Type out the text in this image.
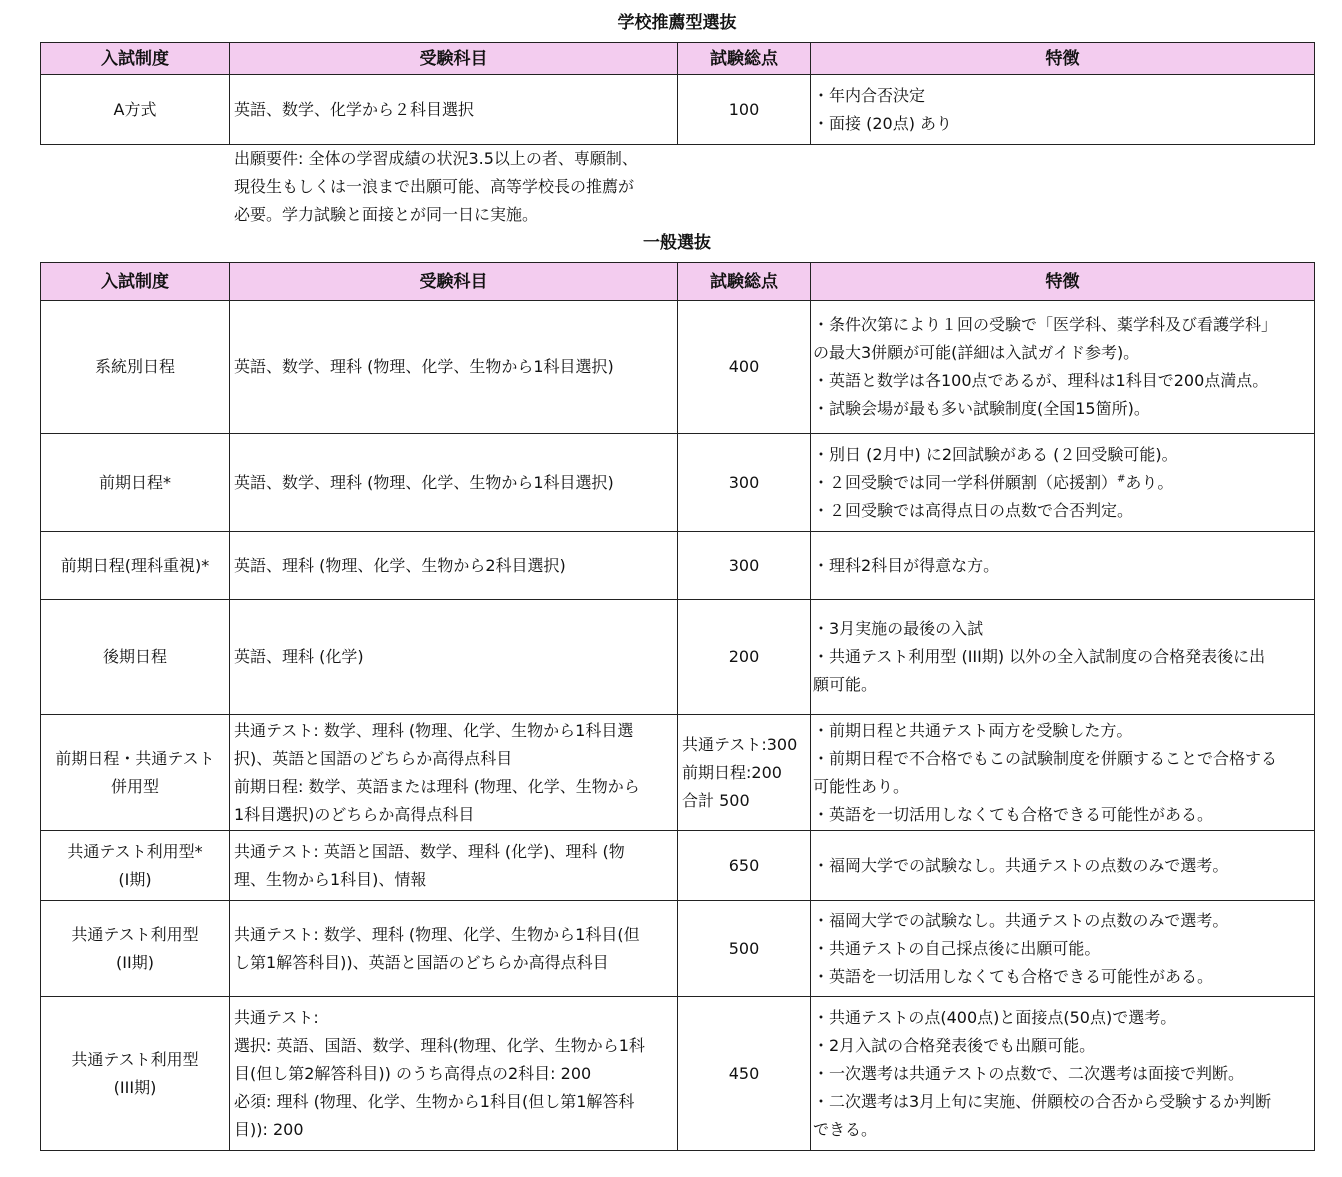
学校推薦型選抜
入試制度	受験科目	試験総点	特徴

A方式	英語、数学、化学から２科目選択	100	・年内合否決定
・面接 (20点) あり
出願要件: 全体の学習成績の状況3.5以上の者、専願制、
現役生もしくは一浪まで出願可能、高等学校長の推薦が
必要。学力試験と面接とが同一日に実施。
一般選抜
入試制度	受験科目	試験総点	特徴

系統別日程	英語、数学、理科 (物理、化学、生物から1科目選択)	400	・条件次第により１回の受験で「医学科、薬学科及び看護学科」
の最大3併願が可能(詳細は入試ガイド参考)。
・英語と数学は各100点であるが、理科は1科目で200点満点。
・試験会場が最も多い試験制度(全国15箇所)。

前期日程*	英語、数学、理科 (物理、化学、生物から1科目選択)	300	・別日 (2月中) に2回試験がある (２回受験可能)。
・２回受験では同一学科併願割（応援割）#あり。
・２回受験では高得点日の点数で合否判定。

前期日程(理科重視)*	英語、理科 (物理、化学、生物から2科目選択)	300	・理科2科目が得意な方。

後期日程	英語、理科 (化学)	200	・3月実施の最後の入試
・共通テスト利用型 (III期) 以外の全入試制度の合格発表後に出
願可能。

前期日程・共通テスト
併用型	共通テスト: 数学、理科 (物理、化学、生物から1科目選
択)、英語と国語のどちらか高得点科目
前期日程: 数学、英語または理科 (物理、化学、生物から
1科目選択)のどちらか高得点科目	共通テスト:300
前期日程:200
合計 500	・前期日程と共通テスト両方を受験した方。
・前期日程で不合格でもこの試験制度を併願することで合格する
可能性あり。
・英語を一切活用しなくても合格できる可能性がある。

共通テスト利用型*
(I期)	共通テスト: 英語と国語、数学、理科 (化学)、理科 (物
理、生物から1科目)、情報	650	・福岡大学での試験なし。共通テストの点数のみで選考。

共通テスト利用型
(II期)	共通テスト: 数学、理科 (物理、化学、生物から1科目(但
し第1解答科目))、英語と国語のどちらか高得点科目	500	・福岡大学での試験なし。共通テストの点数のみで選考。
・共通テストの自己採点後に出願可能。
・英語を一切活用しなくても合格できる可能性がある。

共通テスト利用型
(III期)	共通テスト:
選択: 英語、国語、数学、理科(物理、化学、生物から1科
目(但し第2解答科目)) のうち高得点の2科目: 200
必須: 理科 (物理、化学、生物から1科目(但し第1解答科
目)): 200	450	・共通テストの点(400点)と面接点(50点)で選考。
・2月入試の合格発表後でも出願可能。
・一次選考は共通テストの点数で、二次選考は面接で判断。
・二次選考は3月上旬に実施、併願校の合否から受験するか判断
できる。
